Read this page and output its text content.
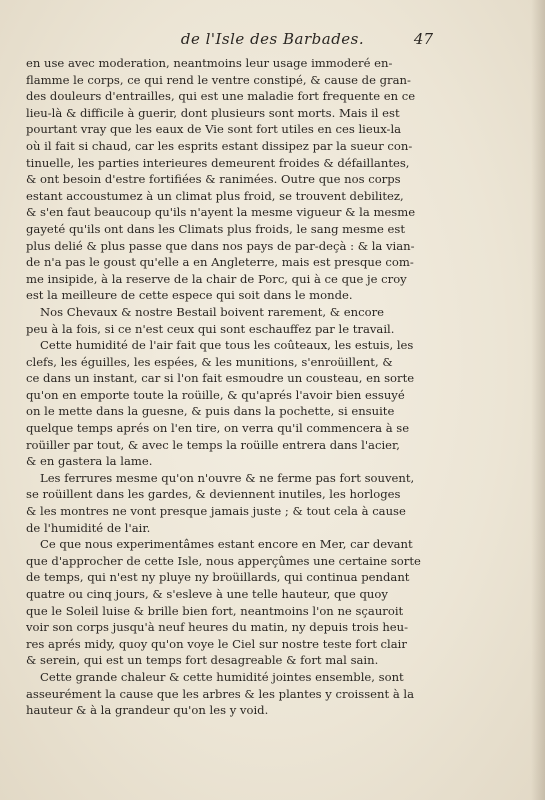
de l'Isle des Barbades.	47
en use avec moderation, neantmoins leur usage immoderé en-
flamme le corps, ce qui rend le ventre constipé, & cause de gran-
des douleurs d'entrailles, qui est une maladie fort frequente en ce
lieu-là & difficile à guerir, dont plusieurs sont morts. Mais il est
pourtant vray que les eaux de Vie sont fort utiles en ces lieux-la
où il fait si chaud, car les esprits estant dissipez par la sueur con-
tinuelle, les parties interieures demeurent froides & défaillantes,
& ont besoin d'estre fortifiées & ranimées. Outre que nos corps
estant accoustumez à un climat plus froid, se trouvent debilitez,
& s'en faut beaucoup qu'ils n'ayent la mesme vigueur & la mesme
gayeté qu'ils ont dans les Climats plus froids, le sang mesme est
plus delié & plus passe que dans nos pays de par-deçà : & la vian-
de n'a pas le goust qu'elle a en Angleterre, mais est presque com-
me insipide, à la reserve de la chair de Porc, qui à ce que je croy
est la meilleure de cette espece qui soit dans le monde.
Nos Chevaux & nostre Bestail boivent rarement, & encore
peu à la fois, si ce n'est ceux qui sont eschauffez par le travail.
Cette humidité de l'air fait que tous les coûteaux, les estuis, les
clefs, les éguilles, les espées, & les munitions, s'enroüillent, &
ce dans un instant, car si l'on fait esmoudre un cousteau, en sorte
qu'on en emporte toute la roüille, & qu'aprés l'avoir bien essuyé
on le mette dans la guesne, & puis dans la pochette, si ensuite
quelque temps aprés on l'en tire, on verra qu'il commencera à se
roüiller par tout, & avec le temps la roüille entrera dans l'acier,
& en gastera la lame.
Les ferrures mesme qu'on n'ouvre & ne ferme pas fort souvent,
se roüillent dans les gardes, & deviennent inutiles, les horloges
& les montres ne vont presque jamais juste ; & tout cela à cause
de l'humidité de l'air.
Ce que nous experimentâmes estant encore en Mer, car devant
que d'approcher de cette Isle, nous apperçûmes une certaine sorte
de temps, qui n'est ny pluye ny broüillards, qui continua pendant
quatre ou cinq jours, & s'esleve à une telle hauteur, que quoy
que le Soleil luise & brille bien fort, neantmoins l'on ne sçauroit
voir son corps jusqu'à neuf heures du matin, ny depuis trois heu-
res aprés midy, quoy qu'on voye le Ciel sur nostre teste fort clair
& serein, qui est un temps fort desagreable & fort mal sain.
Cette grande chaleur & cette humidité jointes ensemble, sont
asseurément la cause que les arbres & les plantes y croissent à la
hauteur & à la grandeur qu'on les y void.
